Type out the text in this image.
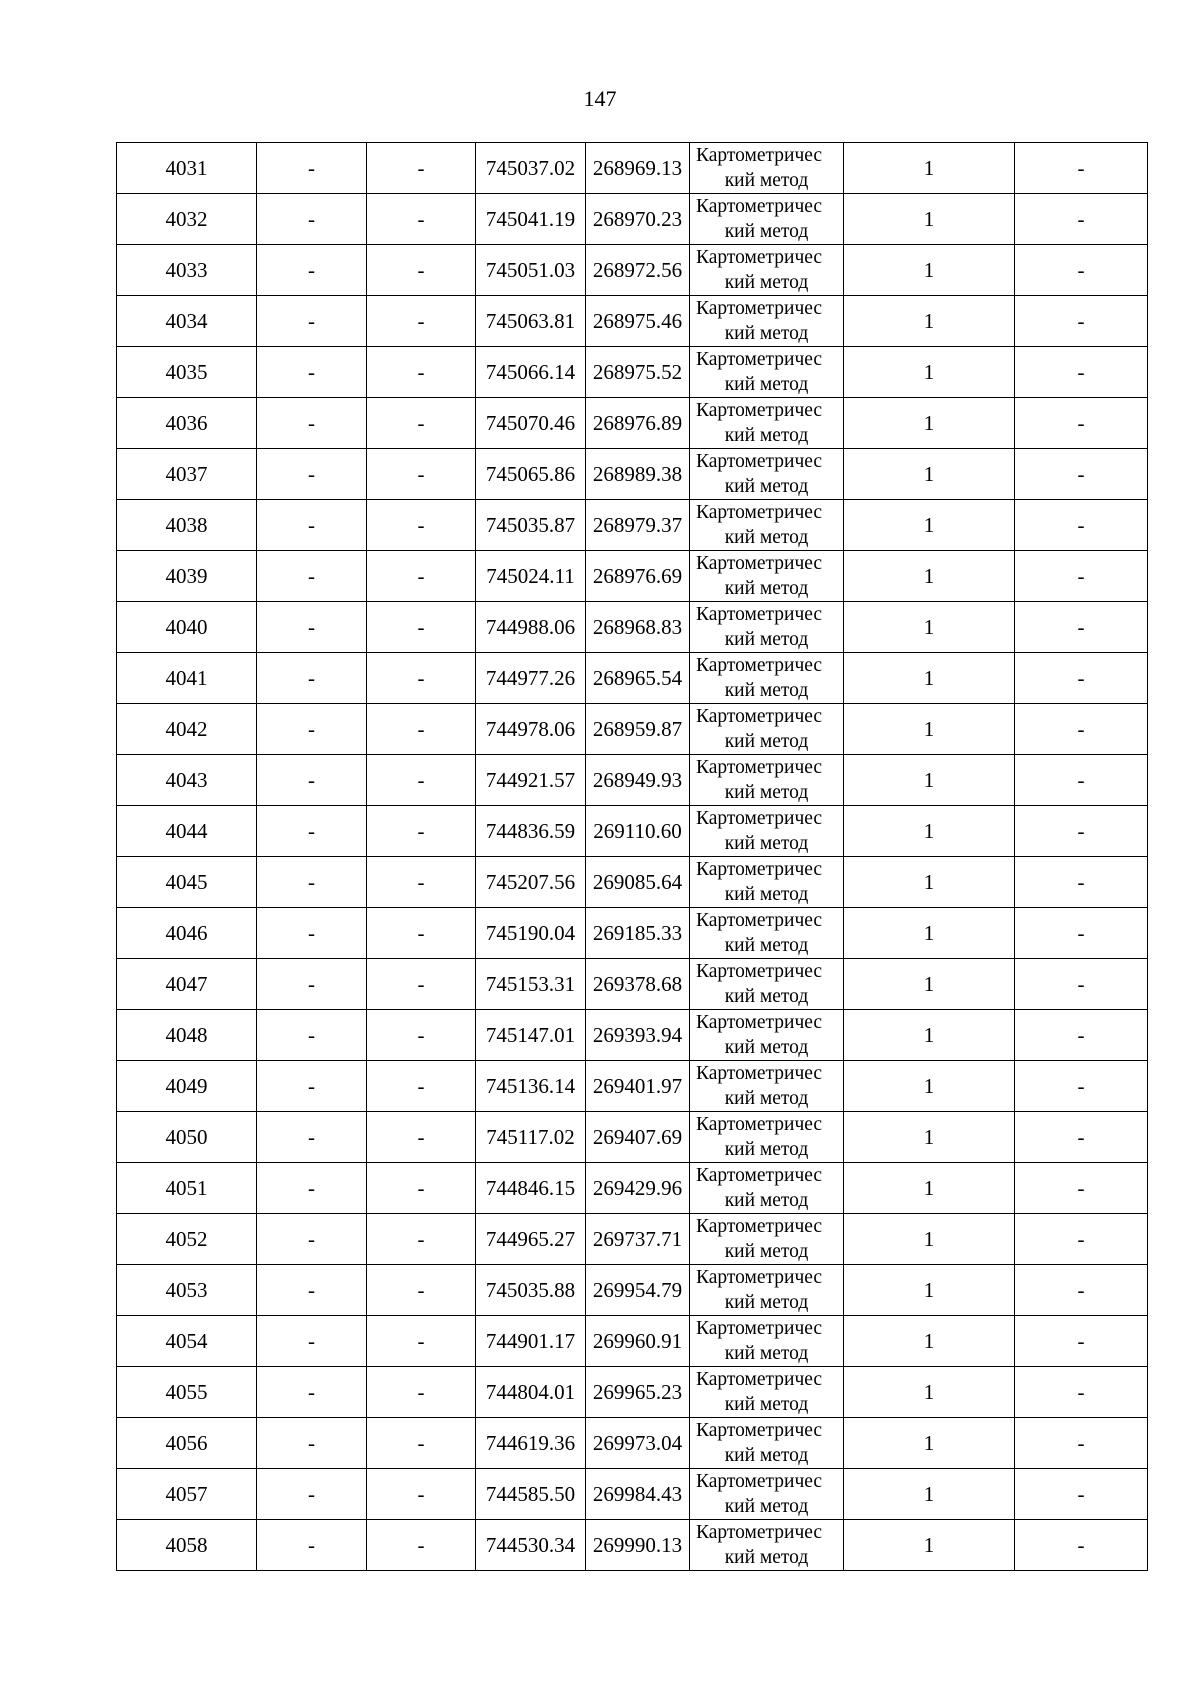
147
4031	-	-	745037.02	268969.13	Картометричес
кий метод	1	-
4032	-	-	745041.19	268970.23	Картометричес
кий метод	1	-
4033	-	-	745051.03	268972.56	Картометричес
кий метод	1	-
4034	-	-	745063.81	268975.46	Картометричес
кий метод	1	-
4035	-	-	745066.14	268975.52	Картометричес
кий метод	1	-
4036	-	-	745070.46	268976.89	Картометричес
кий метод	1	-
4037	-	-	745065.86	268989.38	Картометричес
кий метод	1	-
4038	-	-	745035.87	268979.37	Картометричес
кий метод	1	-
4039	-	-	745024.11	268976.69	Картометричес
кий метод	1	-
4040	-	-	744988.06	268968.83	Картометричес
кий метод	1	-
4041	-	-	744977.26	268965.54	Картометричес
кий метод	1	-
4042	-	-	744978.06	268959.87	Картометричес
кий метод	1	-
4043	-	-	744921.57	268949.93	Картометричес
кий метод	1	-
4044	-	-	744836.59	269110.60	Картометричес
кий метод	1	-
4045	-	-	745207.56	269085.64	Картометричес
кий метод	1	-
4046	-	-	745190.04	269185.33	Картометричес
кий метод	1	-
4047	-	-	745153.31	269378.68	Картометричес
кий метод	1	-
4048	-	-	745147.01	269393.94	Картометричес
кий метод	1	-
4049	-	-	745136.14	269401.97	Картометричес
кий метод	1	-
4050	-	-	745117.02	269407.69	Картометричес
кий метод	1	-
4051	-	-	744846.15	269429.96	Картометричес
кий метод	1	-
4052	-	-	744965.27	269737.71	Картометричес
кий метод	1	-
4053	-	-	745035.88	269954.79	Картометричес
кий метод	1	-
4054	-	-	744901.17	269960.91	Картометричес
кий метод	1	-
4055	-	-	744804.01	269965.23	Картометричес
кий метод	1	-
4056	-	-	744619.36	269973.04	Картометричес
кий метод	1	-
4057	-	-	744585.50	269984.43	Картометричес
кий метод	1	-
4058	-	-	744530.34	269990.13	Картометричес
кий метод	1	-
